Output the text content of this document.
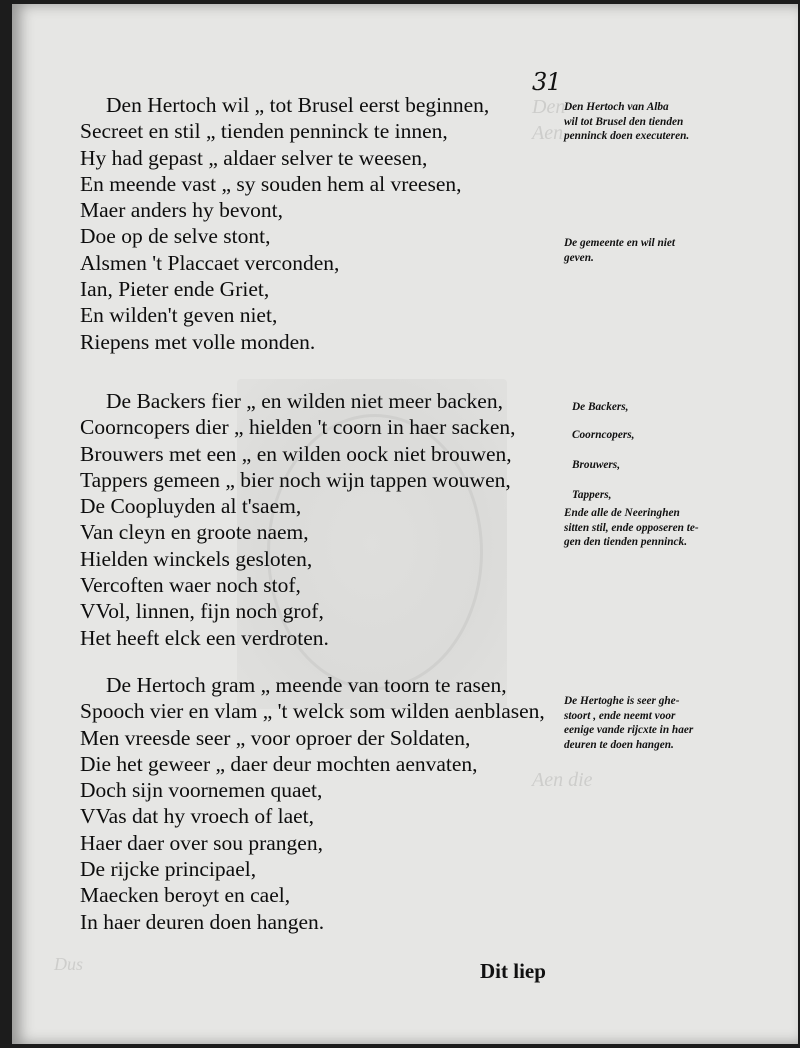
Den
Aen
Aen die
Dus
31
Den Hertoch wil „ tot Brusel eerst beginnen,
Secreet en stil „ tienden penninck te innen,
Hy had gepast „ aldaer selver te weesen,
En meende vast „ sy souden hem al vreesen,
Maer anders hy bevont,
Doe op de selve stont,
Alsmen 't Placcaet verconden,
Ian, Pieter ende Griet,
En wilden't geven niet,
Riepens met volle monden.
De Backers fier „ en wilden niet meer backen,
Coorncopers dier „ hielden 't coorn in haer sacken,
Brouwers met een „ en wilden oock niet brouwen,
Tappers gemeen „ bier noch wijn tappen wouwen,
De Coopluyden al t'saem,
Van cleyn en groote naem,
Hielden winckels gesloten,
Vercoften waer noch stof,
VVol, linnen, fijn noch grof,
Het heeft elck een verdroten.
De Hertoch gram „ meende van toorn te rasen,
Spooch vier en vlam „ 't welck som wilden aenblasen,
Men vreesde seer „ voor oproer der Soldaten,
Die het geweer „ daer deur mochten aenvaten,
Doch sijn voornemen quaet,
VVas dat hy vroech of laet,
Haer daer over sou prangen,
De rijcke principael,
Maecken beroyt en cael,
In haer deuren doen hangen.
Den Hertoch van Alba
wil tot Brusel den tienden
penninck doen executeren.
De gemeente en wil niet
geven.
De Backers,
Coorncopers,
Brouwers,
Tappers,
Ende alle de Neeringhen
sitten stil, ende opposeren te-
gen den tienden penninck.
De Hertoghe is seer ghe-
stoort , ende neemt voor
eenige vande rijcxte in haer
deuren te doen hangen.
Dit liep
